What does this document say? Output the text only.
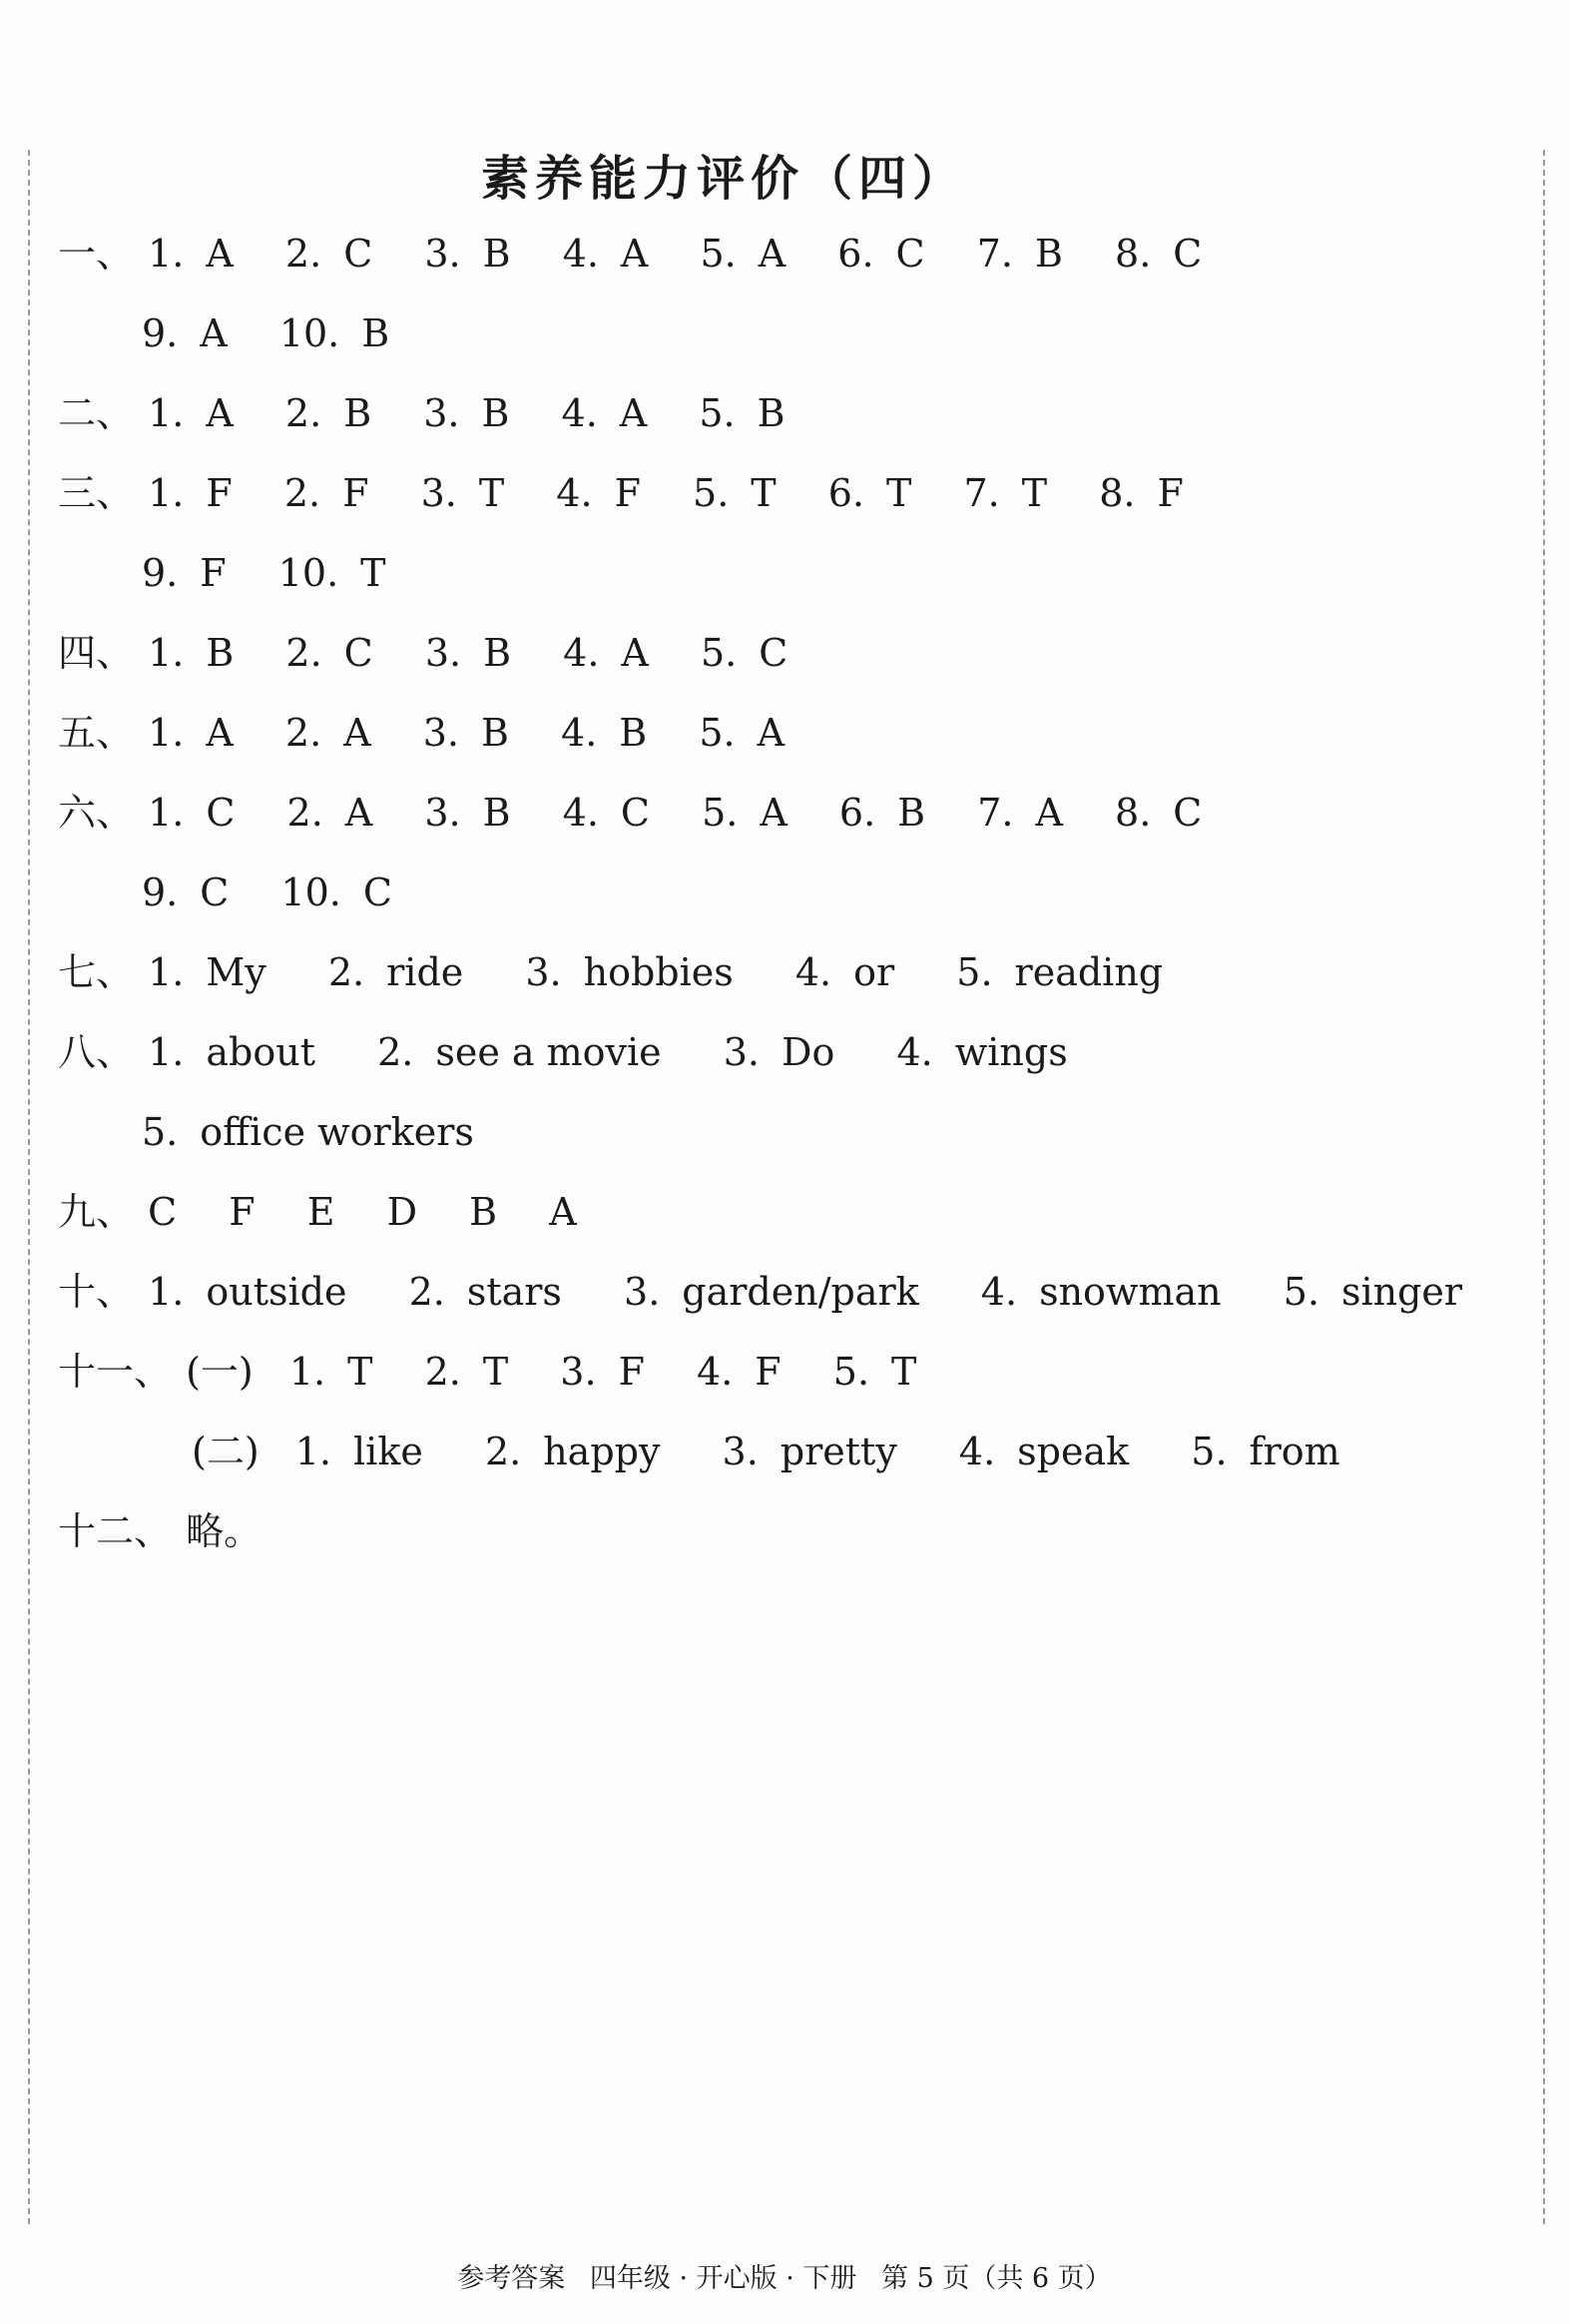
素养能力评价（四）
一、 1. A 2. C 3. B 4. A 5. A 6. C 7. B 8. C
9. A 10. B
二、 1. A 2. B 3. B 4. A 5. B
三、 1. F 2. F 3. T 4. F 5. T 6. T 7. T 8. F
9. F 10. T
四、 1. B 2. C 3. B 4. A 5. C
五、 1. A 2. A 3. B 4. B 5. A
六、 1. C 2. A 3. B 4. C 5. A 6. B 7. A 8. C
9. C 10. C
七、 1. My 2. ride 3. hobbies 4. or 5. reading
八、 1. about 2. see a movie 3. Do 4. wings
5. office workers
九、 C F E D B A
十、 1. outside 2. stars 3. garden/park 4. snowman 5. singer
十一、 (一) 1. T 2. T 3. F 4. F 5. T
(二) 1. like 2. happy 3. pretty 4. speak 5. from
十二、 略。
参考答案 四年级 · 开心版 · 下册 第 5 页（共 6 页）
